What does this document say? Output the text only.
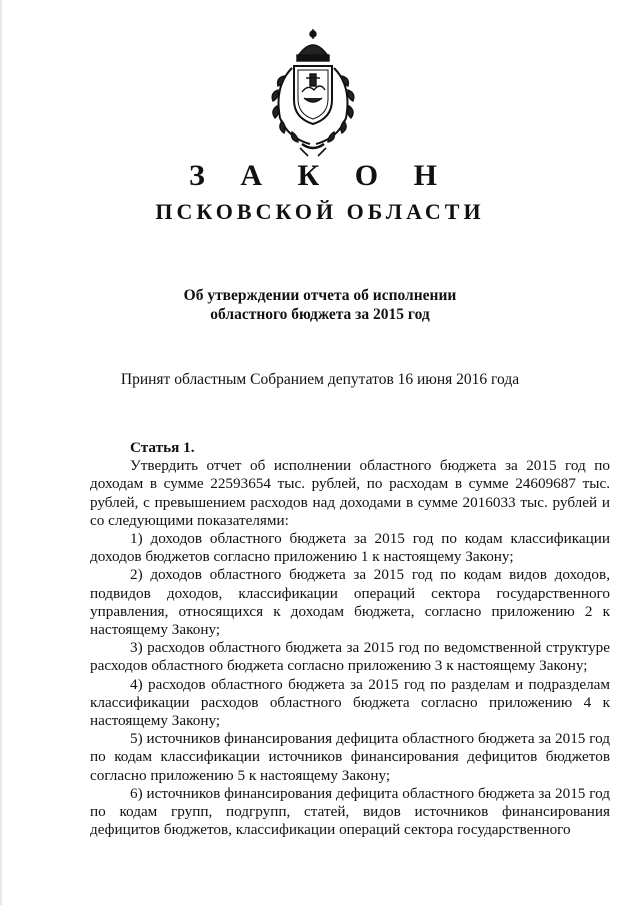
З А К О Н
ПСКОВСКОЙ ОБЛАСТИ
Об утверждении отчета об исполнении
областного бюджета за 2015 год
Принят областным Собранием депутатов 16 июня 2016 года

Статья 1.

Утвердить отчет об исполнении областного бюджета за 2015 год по доходам в сумме 22593654 тыс. рублей, по расходам в сумме 24609687 тыс. рублей, с превышением расходов над доходами в сумме 2016033 тыс. рублей и со следующими показателями:

1) доходов областного бюджета за 2015 год по кодам классификации доходов бюджетов согласно приложению 1 к настоящему Закону;

2) доходов областного бюджета за 2015 год по кодам видов доходов, подвидов доходов, классификации операций сектора государственного управления, относящихся к доходам бюджета, согласно приложению 2 к настоящему Закону;

3) расходов областного бюджета за 2015 год по ведомственной структуре расходов областного бюджета согласно приложению 3 к настоящему Закону;

4) расходов областного бюджета за 2015 год по разделам и подразделам классификации расходов областного бюджета согласно приложению 4 к настоящему Закону;

5) источников финансирования дефицита областного бюджета за 2015 год по кодам классификации источников финансирования дефицитов бюджетов согласно приложению 5 к настоящему Закону;

6) источников финансирования дефицита областного бюджета за 2015 год по кодам групп, подгрупп, статей, видов источников финансирования дефицитов бюджетов, классификации операций сектора государственного
